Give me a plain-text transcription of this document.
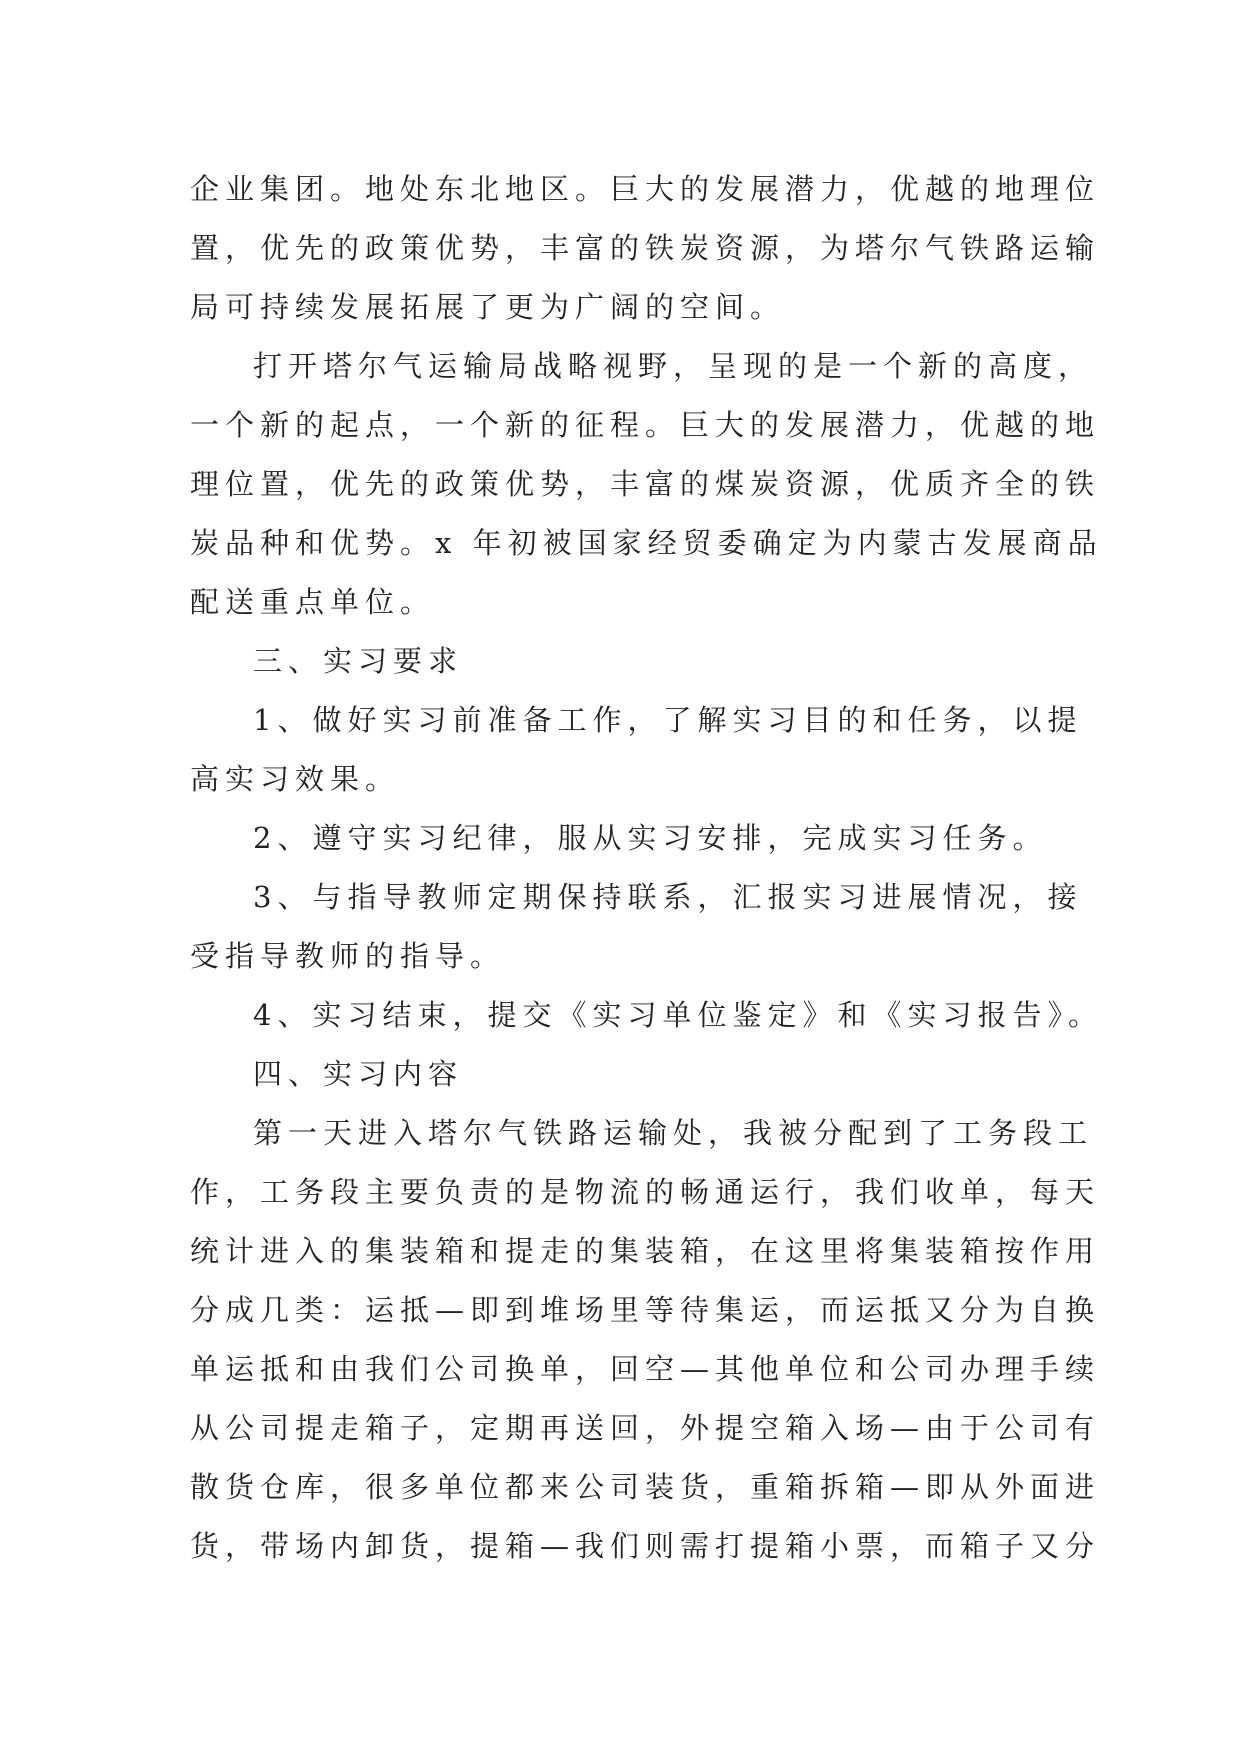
企业集团。地处东北地区。巨大的发展潜力，优越的地理位
置，优先的政策优势，丰富的铁炭资源，为塔尔气铁路运输
局可持续发展拓展了更为广阔的空间。

打开塔尔气运输局战略视野，呈现的是一个新的高度，
一个新的起点，一个新的征程。巨大的发展潜力，优越的地
理位置，优先的政策优势，丰富的煤炭资源，优质齐全的铁
炭品种和优势。x 年初被国家经贸委确定为内蒙古发展商品
配送重点单位。

三、实习要求

1、做好实习前准备工作，了解实习目的和任务，以提
高实习效果。

2、遵守实习纪律，服从实习安排，完成实习任务。

3、与指导教师定期保持联系，汇报实习进展情况，接
受指导教师的指导。

4、实习结束，提交《实习单位鉴定》和《实习报告》。

四、实习内容

第一天进入塔尔气铁路运输处，我被分配到了工务段工
作，工务段主要负责的是物流的畅通运行，我们收单，每天
统计进入的集装箱和提走的集装箱，在这里将集装箱按作用
分成几类：运抵—即到堆场里等待集运，而运抵又分为自换
单运抵和由我们公司换单，回空—其他单位和公司办理手续
从公司提走箱子，定期再送回，外提空箱入场—由于公司有
散货仓库，很多单位都来公司装货，重箱拆箱—即从外面进
货，带场内卸货，提箱—我们则需打提箱小票，而箱子又分
